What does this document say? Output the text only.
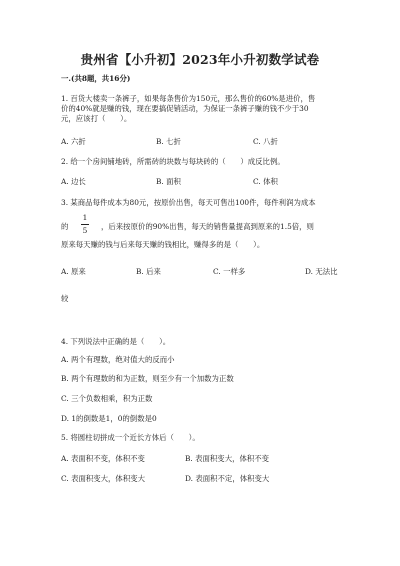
贵州省【小升初】2023年小升初数学试卷
一.(共8题，共16分)
1. 百货大楼卖一条裤子，如果每条售价为150元，那么售价的60%是进价，售
价的40%就是赚的钱，现在要搞促销活动，为保证一条裤子赚的钱不少于30
元，应该打（　　）。
A. 六折	B. 七折	C. 八折
2. 给一个房间铺地砖，所需砖的块数与每块砖的（　　）成反比例。
A. 边长	B. 面积	C. 体积
3. 某商品每件成本为80元，按原价出售，每天可售出100件，每件利润为成本
的
1
5	，后来按原价的90%出售，每天的销售量提高到原来的1.5倍，则
原来每天赚的钱与后来每天赚的钱相比，赚得多的是（　　）。
A. 原来	B. 后来	C. 一样多	D. 无法比
较
4. 下列说法中正确的是（　　）。
A. 两个有理数，绝对值大的反而小
B. 两个有理数的和为正数，则至少有一个加数为正数
C. 三个负数相乘，积为正数
D. 1的倒数是1，0的倒数是0
5. 将圆柱切拼成一个近长方体后（　　）。
A. 表面积不变，体积不变	B. 表面积变大，体积不变
C. 表面积变大，体积变大	D. 表面积不定，体积变大
